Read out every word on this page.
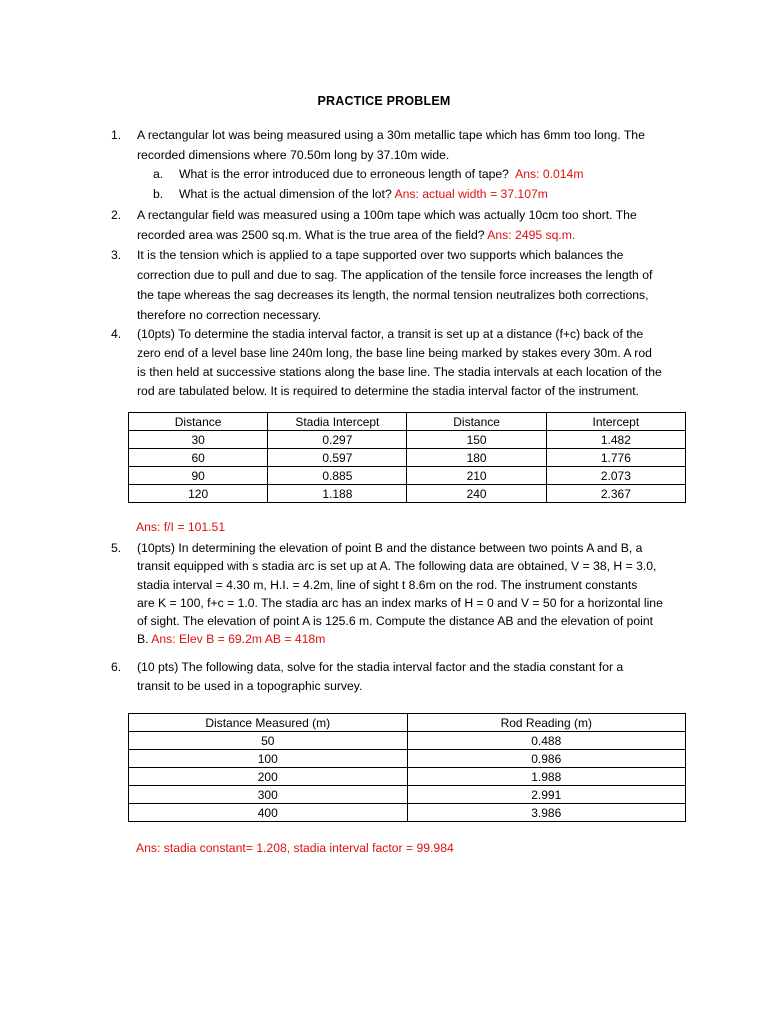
PRACTICE PROBLEM
1.	A rectangular lot was being measured using a 30m metallic tape which has 6mm too long. The
recorded dimensions where 70.50m long by 37.10m wide.
a.	What is the error introduced due to erroneous length of tape? Ans: 0.014m
b.	What is the actual dimension of the lot? Ans: actual width = 37.107m
2.	A rectangular field was measured using a 100m tape which was actually 10cm too short. The
recorded area was 2500 sq.m. What is the true area of the field? Ans: 2495 sq.m.
3.	It is the tension which is applied to a tape supported over two supports which balances the
correction due to pull and due to sag. The application of the tensile force increases the length of
the tape whereas the sag decreases its length, the normal tension neutralizes both corrections,
therefore no correction necessary.
4.	(10pts) To determine the stadia interval factor, a transit is set up at a distance (f+c) back of the
zero end of a level base line 240m long, the base line being marked by stakes every 30m. A rod
is then held at successive stations along the base line. The stadia intervals at each location of the
rod are tabulated below. It is required to determine the stadia interval factor of the instrument.
Distance	Stadia Intercept	Distance	Intercept
30	0.297	150	1.482
60	0.597	180	1.776
90	0.885	210	2.073
120	1.188	240	2.367
Ans: f/I = 101.51
5.	(10pts) In determining the elevation of point B and the distance between two points A and B, a
transit equipped with s stadia arc is set up at A. The following data are obtained, V = 38, H = 3.0,
stadia interval = 4.30 m, H.I. = 4.2m, line of sight t 8.6m on the rod. The instrument constants
are K = 100, f+c = 1.0. The stadia arc has an index marks of H = 0 and V = 50 for a horizontal line
of sight. The elevation of point A is 125.6 m. Compute the distance AB and the elevation of point
B. Ans: Elev B = 69.2m AB = 418m
6.	(10 pts) The following data, solve for the stadia interval factor and the stadia constant for a
transit to be used in a topographic survey.
Distance Measured (m)	Rod Reading (m)
50	0.488
100	0.986
200	1.988
300	2.991
400	3.986
Ans: stadia constant= 1.208, stadia interval factor = 99.984
